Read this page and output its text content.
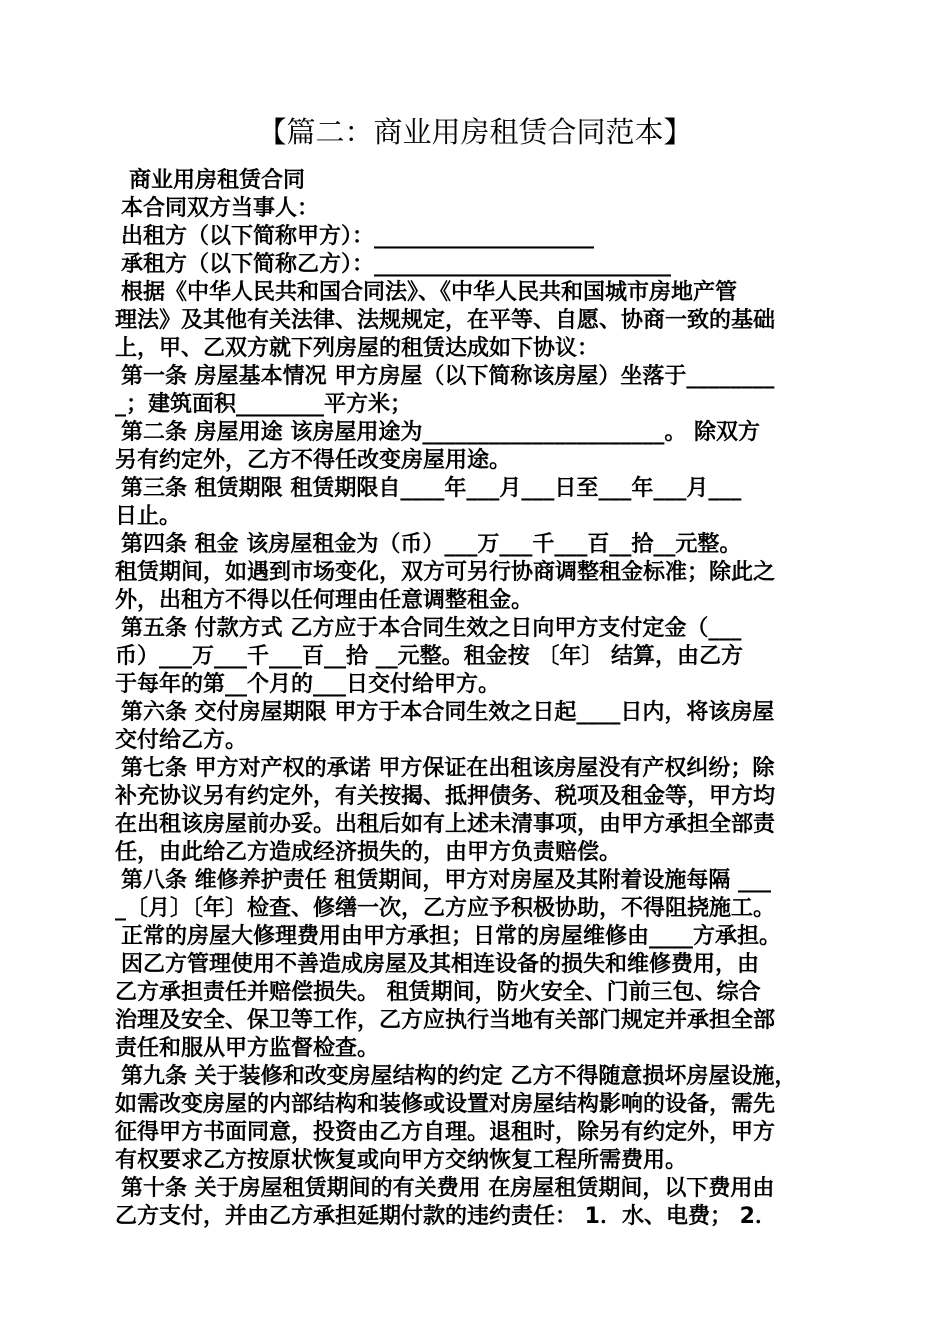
【篇二：商业用房租赁合同范本】
商业用房租赁合同
本合同双方当事人：
出租方（以下简称甲方）：____________________
承租方（以下简称乙方）：___________________________
根据《中华人民共和国合同法》、《中华人民共和国城市房地产管
理法》及其他有关法律、法规规定，在平等、自愿、协商一致的基础
上，甲、乙双方就下列房屋的租赁达成如下协议：
第一条 房屋基本情况 甲方房屋（以下简称该房屋）坐落于________
_；建筑面积________平方米；
第二条 房屋用途 该房屋用途为______________________。 除双方
另有约定外，乙方不得任改变房屋用途。
第三条 租赁期限 租赁期限自____年___月___日至___年___月___
日止。
第四条 租金 该房屋租金为（币）___万___千___百__拾__元整。
租赁期间，如遇到市场变化，双方可另行协商调整租金标准；除此之
外，出租方不得以任何理由任意调整租金。
第五条 付款方式 乙方应于本合同生效之日向甲方支付定金（___
币）___万___千___百__拾 __元整。租金按 〔年〕 结算，由乙方
于每年的第__个月的___日交付给甲方。
第六条 交付房屋期限 甲方于本合同生效之日起____日内，将该房屋
交付给乙方。
第七条 甲方对产权的承诺 甲方保证在出租该房屋没有产权纠纷；除
补充协议另有约定外，有关按揭、抵押债务、税项及租金等，甲方均
在出租该房屋前办妥。出租后如有上述未清事项，由甲方承担全部责
任，由此给乙方造成经济损失的，由甲方负责赔偿。
第八条 维修养护责任 租赁期间，甲方对房屋及其附着设施每隔 ___
_〔月〕〔年〕检查、修缮一次，乙方应予积极协助，不得阻挠施工。
正常的房屋大修理费用由甲方承担；日常的房屋维修由____方承担。
因乙方管理使用不善造成房屋及其相连设备的损失和维修费用，由
乙方承担责任并赔偿损失。 租赁期间，防火安全、门前三包、综合
治理及安全、保卫等工作，乙方应执行当地有关部门规定并承担全部
责任和服从甲方监督检查。
第九条 关于装修和改变房屋结构的约定 乙方不得随意损坏房屋设施，
如需改变房屋的内部结构和装修或设置对房屋结构影响的设备，需先
征得甲方书面同意，投资由乙方自理。退租时，除另有约定外，甲方
有权要求乙方按原状恢复或向甲方交纳恢复工程所需费用。
第十条 关于房屋租赁期间的有关费用 在房屋租赁期间，以下费用由
乙方支付，并由乙方承担延期付款的违约责任： 1．水、电费； 2．
